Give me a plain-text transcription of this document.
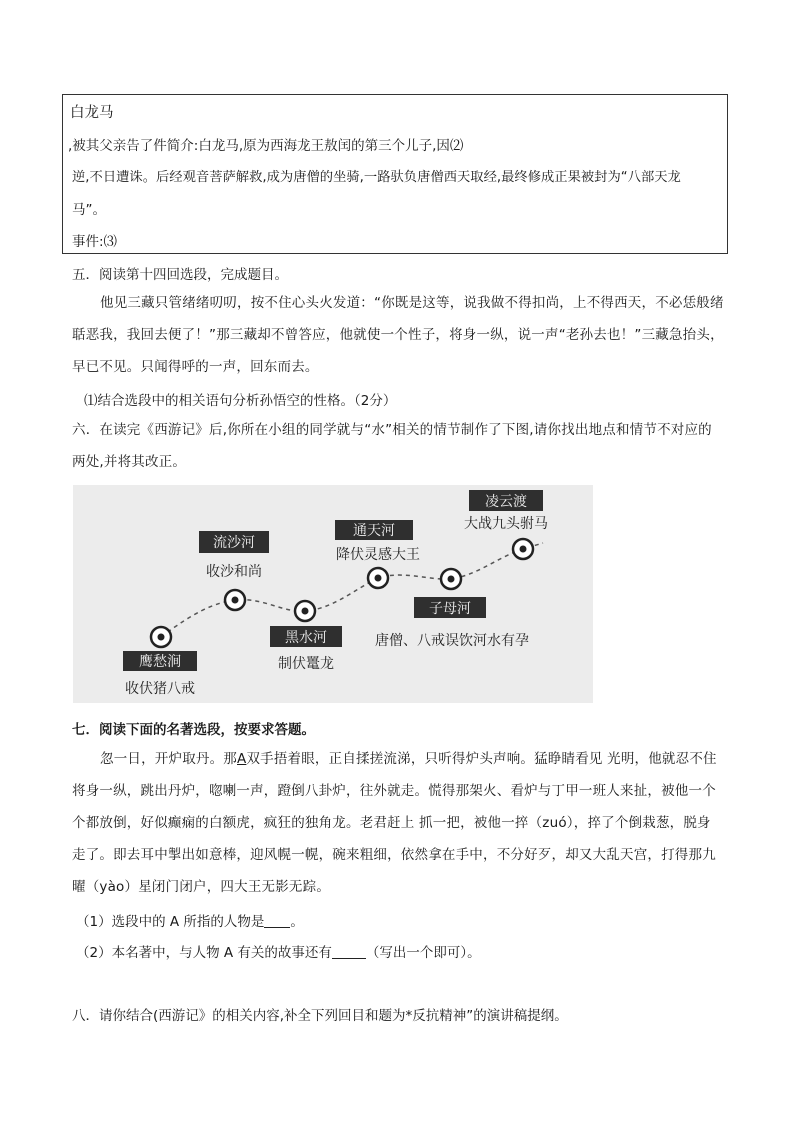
白龙马
,被其父亲告了件简介:白龙马,原为西海龙王敖闰的第三个儿子,因⑵
逆,不日遭诛。后经观音菩萨解救,成为唐僧的坐骑,一路驮负唐僧西天取经,最终修成正果被封为“八部天龙
马”。
事件:⑶
五．阅读第十四回选段，完成题目。
他见三藏只管绪绪叨叨，按不住心头火发道：“你既是这等，说我做不得扣尚，上不得西天，不必恁般绪聒恶我，我回去便了！”那三藏却不曾答应，他就使一个性子，将身一纵，说一声“老孙去也！”三藏急抬头，早已不见。只闻得呼的一声，回东而去。
⑴结合选段中的相关语句分析孙悟空的性格。（2分）
六．在读完《西游记》后,你所在小组的同学就与“水”相关的情节制作了下图,请你找出地点和情节不对应的两处,并将其改正。
鹰愁涧
收伏猪八戒
流沙河
收沙和尚
黑水河
制伏鼍龙
通天河
降伏灵感大王
子母河
唐僧、八戒误饮河水有孕
凌云渡
大战九头驸马
七．阅读下面的名著选段，按要求答题。
忽一日，开炉取丹。那A双手捂着眼，正自揉搓流涕，只听得炉头声响。猛睁睛看见 光明，他就忍不住将身一纵，跳出丹炉，唿喇一声，蹬倒八卦炉，往外就走。慌得那架火、看炉与丁甲一班人来扯，被他一个个都放倒，好似癫痫的白额虎，疯狂的独角龙。老君赶上 抓一把，被他一捽（zuó），捽了个倒栽葱，脱身走了。即去耳中掣出如意棒，迎风幌一幌，碗来粗细，依然拿在手中，不分好歹，却又大乱天宫，打得那九曜（yào）星闭门闭户，四大王无影无踪。
（1）选段中的 A 所指的人物是 。
（2）本名著中，与人物 A 有关的故事还有	（写出一个即可）。
八．请你结合(西游记》的相关内容,补全下列回目和题为*反抗精神”的演讲稿提纲。
